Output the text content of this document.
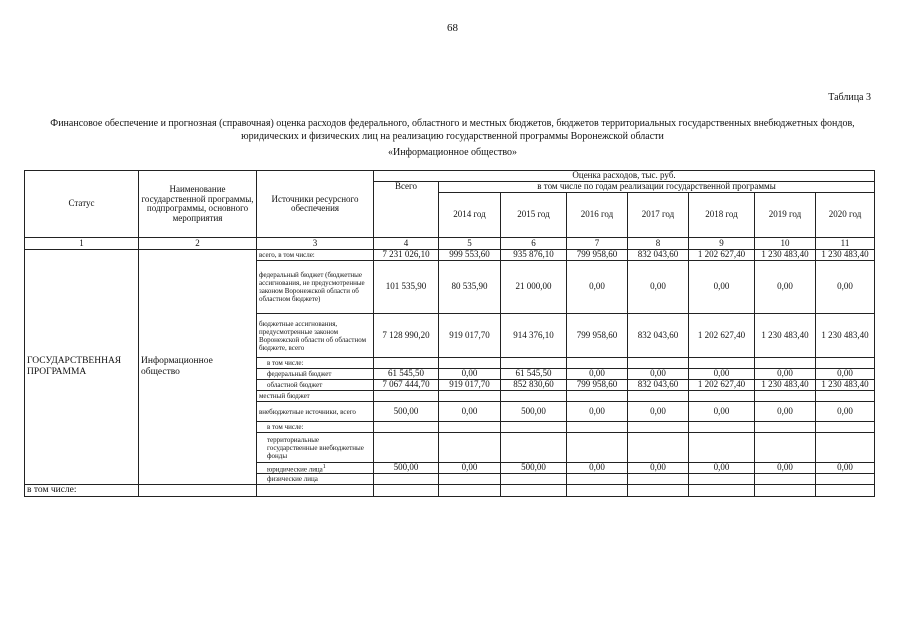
68
Таблица 3
Финансовое обеспечение и прогнозная (справочная) оценка расходов федерального, областного и местных бюджетов, бюджетов территориальных государственных внебюджетных фондов, юридических и физических лиц на реализацию государственной программы Воронежской области
«Информационное общество»
Статус	Наименование государственной программы, подпрограммы, основного мероприятия	Источники ресурсного обеспечения	Оценка расходов, тыс. руб.							
			Всего	в том числе по годам реализации государственной программы						
				2014 год	2015 год	2016 год	2017 год	2018 год	2019 год	2020 год
1	2	3	4	5	6	7	8	9	10	11
ГОСУДАРСТВЕННАЯ ПРОГРАММА	Информационное общество	всего, в том числе:	7 231 026,10	999 553,60	935 876,10	799 958,60	832 043,60	1 202 627,40	1 230 483,40	1 230 483,40
		федеральный бюджет (бюджетные ассигнования, не предусмотренные законом Воронежской области об областном бюджете)	101 535,90	80 535,90	21 000,00	0,00	0,00	0,00	0,00	0,00
		бюджетные ассигнования, предусмотренные законом Воронежской области об областном бюджете, всего	7 128 990,20	919 017,70	914 376,10	799 958,60	832 043,60	1 202 627,40	1 230 483,40	1 230 483,40
		в том числе:								
		федеральный бюджет	61 545,50	0,00	61 545,50	0,00	0,00	0,00	0,00	0,00
		областной бюджет	7 067 444,70	919 017,70	852 830,60	799 958,60	832 043,60	1 202 627,40	1 230 483,40	1 230 483,40
		местный бюджет								
		внебюджетные источники, всего	500,00	0,00	500,00	0,00	0,00	0,00	0,00	0,00
		в том числе:								
		территориальные государственные внебюджетные фонды								
		юридические лица$^1$	500,00	0,00	500,00	0,00	0,00	0,00	0,00	0,00
		физические лица								
в том числе:										
